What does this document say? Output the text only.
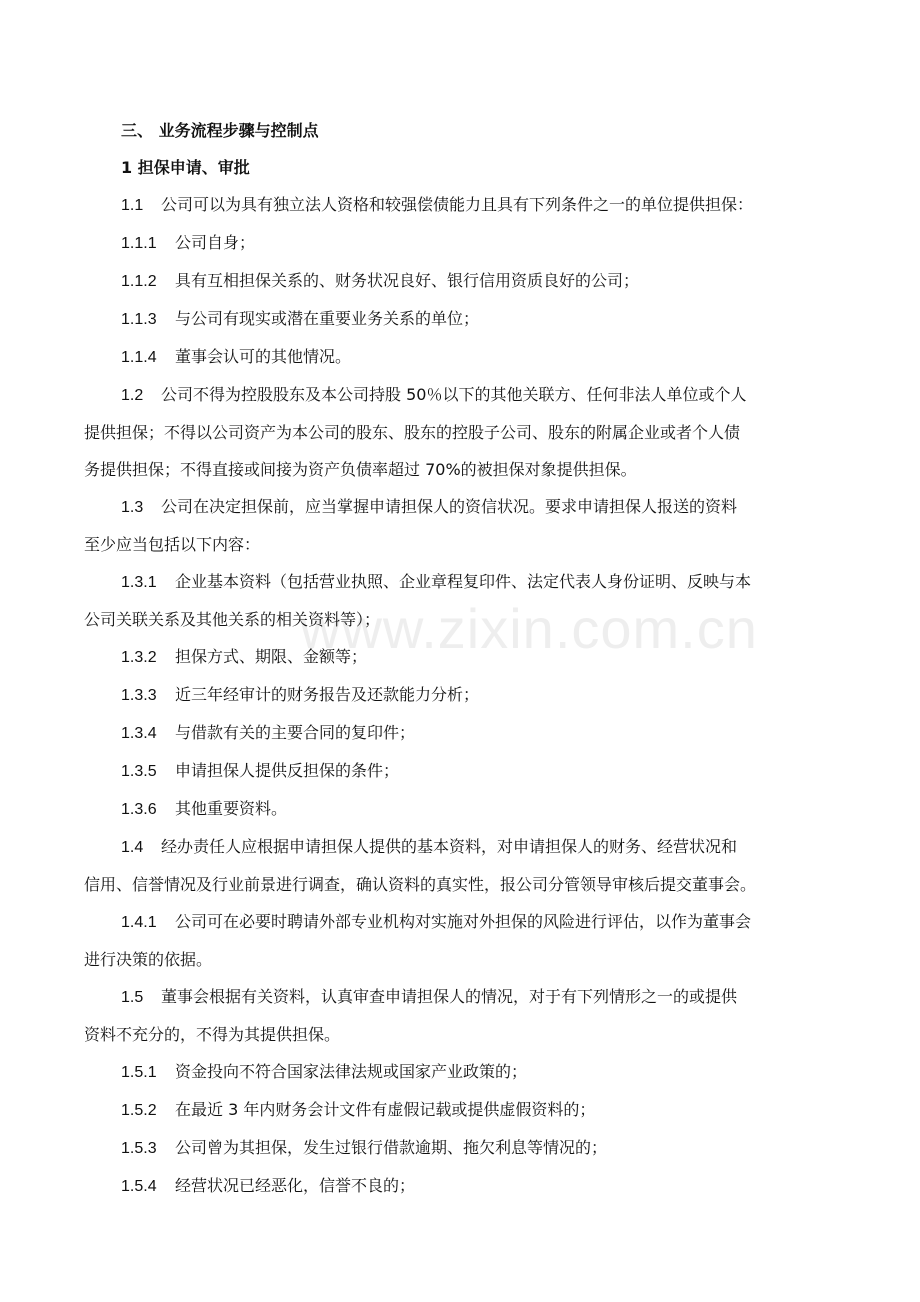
www.zixin.com.cn
三、 业务流程步骤与控制点
1 担保申请、审批
1.1 公司可以为具有独立法人资格和较强偿债能力且具有下列条件之一的单位提供担保：
1.1.1 公司自身；
1.1.2 具有互相担保关系的、财务状况良好、银行信用资质良好的公司；
1.1.3 与公司有现实或潜在重要业务关系的单位；
1.1.4 董事会认可的其他情况。
1.2 公司不得为控股股东及本公司持股 50％以下的其他关联方、任何非法人单位或个人
提供担保；不得以公司资产为本公司的股东、股东的控股子公司、股东的附属企业或者个人债
务提供担保；不得直接或间接为资产负债率超过 70%的被担保对象提供担保。
1.3 公司在决定担保前，应当掌握申请担保人的资信状况。要求申请担保人报送的资料
至少应当包括以下内容：
1.3.1 企业基本资料（包括营业执照、企业章程复印件、法定代表人身份证明、反映与本
公司关联关系及其他关系的相关资料等）；
1.3.2 担保方式、期限、金额等；
1.3.3 近三年经审计的财务报告及还款能力分析；
1.3.4 与借款有关的主要合同的复印件；
1.3.5 申请担保人提供反担保的条件；
1.3.6 其他重要资料。
1.4 经办责任人应根据申请担保人提供的基本资料，对申请担保人的财务、经营状况和
信用、信誉情况及行业前景进行调查，确认资料的真实性，报公司分管领导审核后提交董事会。
1.4.1 公司可在必要时聘请外部专业机构对实施对外担保的风险进行评估，以作为董事会
进行决策的依据。
1.5 董事会根据有关资料，认真审查申请担保人的情况，对于有下列情形之一的或提供
资料不充分的，不得为其提供担保。
1.5.1 资金投向不符合国家法律法规或国家产业政策的；
1.5.2 在最近 3 年内财务会计文件有虚假记载或提供虚假资料的；
1.5.3 公司曾为其担保，发生过银行借款逾期、拖欠利息等情况的；
1.5.4 经营状况已经恶化，信誉不良的；
